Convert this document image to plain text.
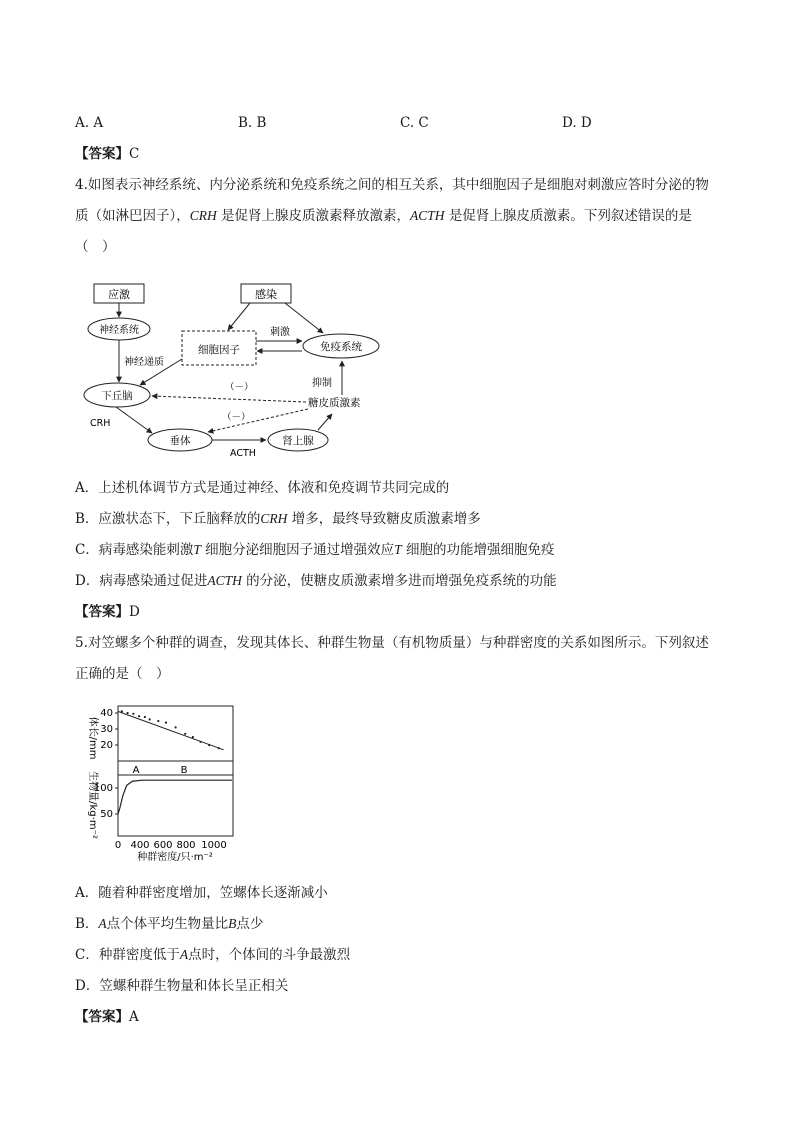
A. A	B. B	C. C	D. D
【答案】C
4.如图表示神经系统、内分泌系统和免疫系统之间的相互关系，其中细胞因子是细胞对刺激应答时分泌的物
质（如淋巴因子），CRH 是促肾上腺皮质激素释放激素，ACTH 是促肾上腺皮质激素。下列叙述错误的是
（　）
应激	感染
神经系统
细胞因子	免疫系统
下丘脑
垂体	肾上腺
神经递质
刺激
（－）
糖皮质激素
（－）
抑制
CRH
ACTH
A．上述机体调节方式是通过神经、体液和免疫调节共同完成的
B．应激状态下，下丘脑释放的CRH 增多，最终导致糖皮质激素增多
C．病毒感染能刺激T 细胞分泌细胞因子通过增强效应T 细胞的功能增强细胞免疫
D．病毒感染通过促进ACTH 的分泌，使糖皮质激素增多进而增强免疫系统的功能
【答案】D
5.对笠螺多个种群的调查，发现其体长、种群生物量（有机物质量）与种群密度的关系如图所示。下列叙述
正确的是（　）
40
30
20
体长/mm
A	B
100
50
生物量/kg·m⁻²
0 400 600 800 1000
种群密度/只·m⁻²
A．随着种群密度增加，笠螺体长逐渐减小
B．A点个体平均生物量比B点少
C．种群密度低于A点时，个体间的斗争最激烈
D．笠螺种群生物量和体长呈正相关
【答案】A
